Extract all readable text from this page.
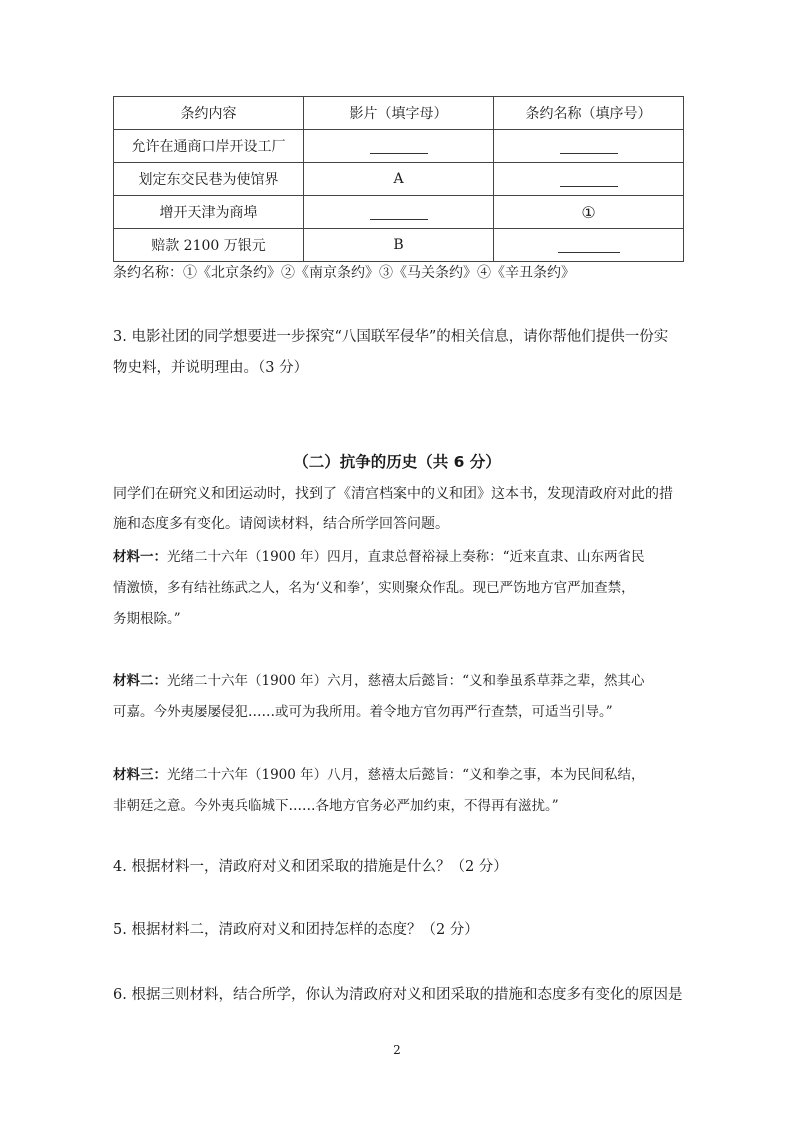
条约内容	影片（填字母）	条约名称（填序号）
允许在通商口岸开设工厂		
划定东交民巷为使馆界	A	
增开天津为商埠		①
赔款 2100 万银元	B	
条约名称：①《北京条约》②《南京条约》③《马关条约》④《辛丑条约》
3. 电影社团的同学想要进一步探究“八国联军侵华”的相关信息，请你帮他们提供一份实
物史料，并说明理由。（3 分）
（二）抗争的历史（共 6 分）
同学们在研究义和团运动时，找到了《清宫档案中的义和团》这本书，发现清政府对此的措
施和态度多有变化。请阅读材料，结合所学回答问题。
材料一：光绪二十六年（1900 年）四月，直隶总督裕禄上奏称：“近来直隶、山东两省民
情激愤，多有结社练武之人，名为‘义和拳’，实则聚众作乱。现已严饬地方官严加查禁，
务期根除。”
材料二：光绪二十六年（1900 年）六月，慈禧太后懿旨：“义和拳虽系草莽之辈，然其心
可嘉。今外夷屡屡侵犯……或可为我所用。着令地方官勿再严行查禁，可适当引导。”
材料三：光绪二十六年（1900 年）八月，慈禧太后懿旨：“义和拳之事，本为民间私结，
非朝廷之意。今外夷兵临城下……各地方官务必严加约束，不得再有滋扰。”
4. 根据材料一，清政府对义和团采取的措施是什么？（2 分）
5. 根据材料二，清政府对义和团持怎样的态度？（2 分）
6. 根据三则材料，结合所学，你认为清政府对义和团采取的措施和态度多有变化的原因是
2
